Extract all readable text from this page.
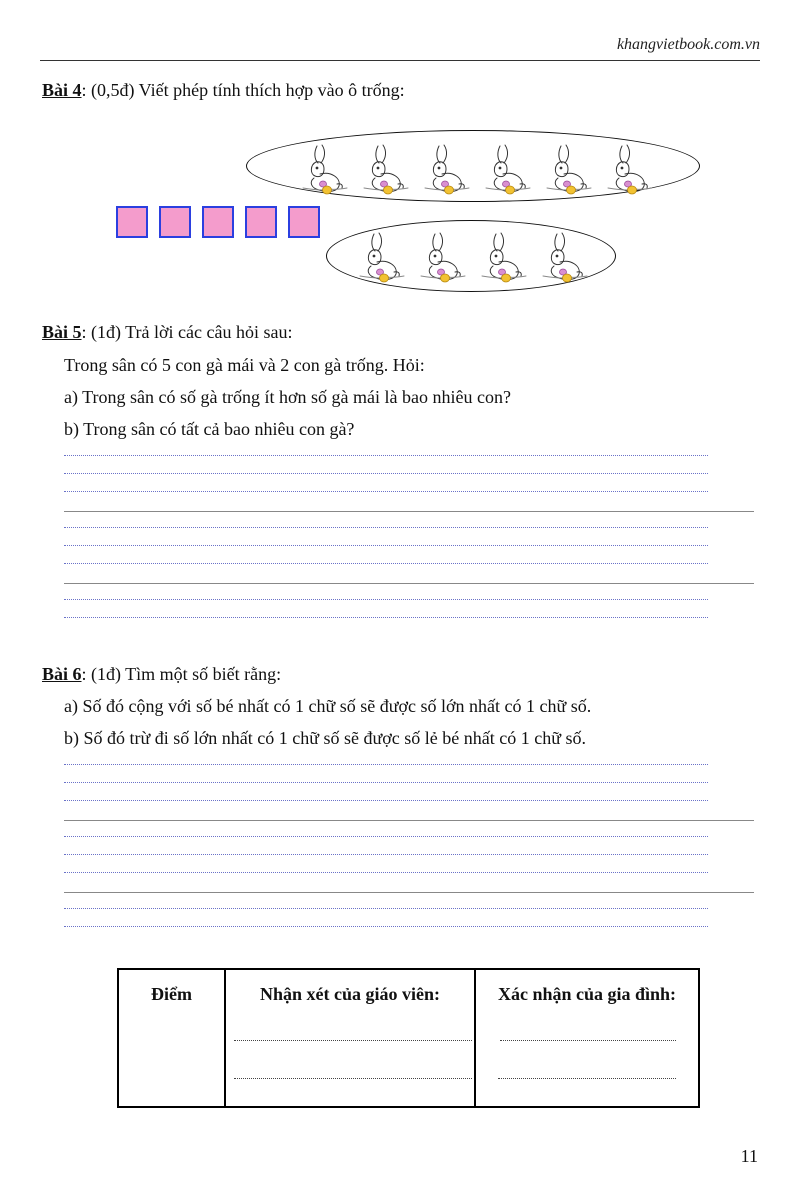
khangvietbook.com.vn
Bài 4: (0,5đ) Viết phép tính thích hợp vào ô trống:
Bài 5: (1đ) Trả lời các câu hỏi sau:
Trong sân có 5 con gà mái và 2 con gà trống. Hỏi:
a) Trong sân có số gà trống ít hơn số gà mái là bao nhiêu con?
b) Trong sân có tất cả bao nhiêu con gà?
Bài 6: (1đ) Tìm một số biết rằng:
a) Số đó cộng với số bé nhất có 1 chữ số sẽ được số lớn nhất có 1 chữ số.
b) Số đó trừ đi số lớn nhất có 1 chữ số sẽ được số lẻ bé nhất có 1 chữ số.
Điểm	Nhận xét của giáo viên:	Xác nhận của gia đình:
11
